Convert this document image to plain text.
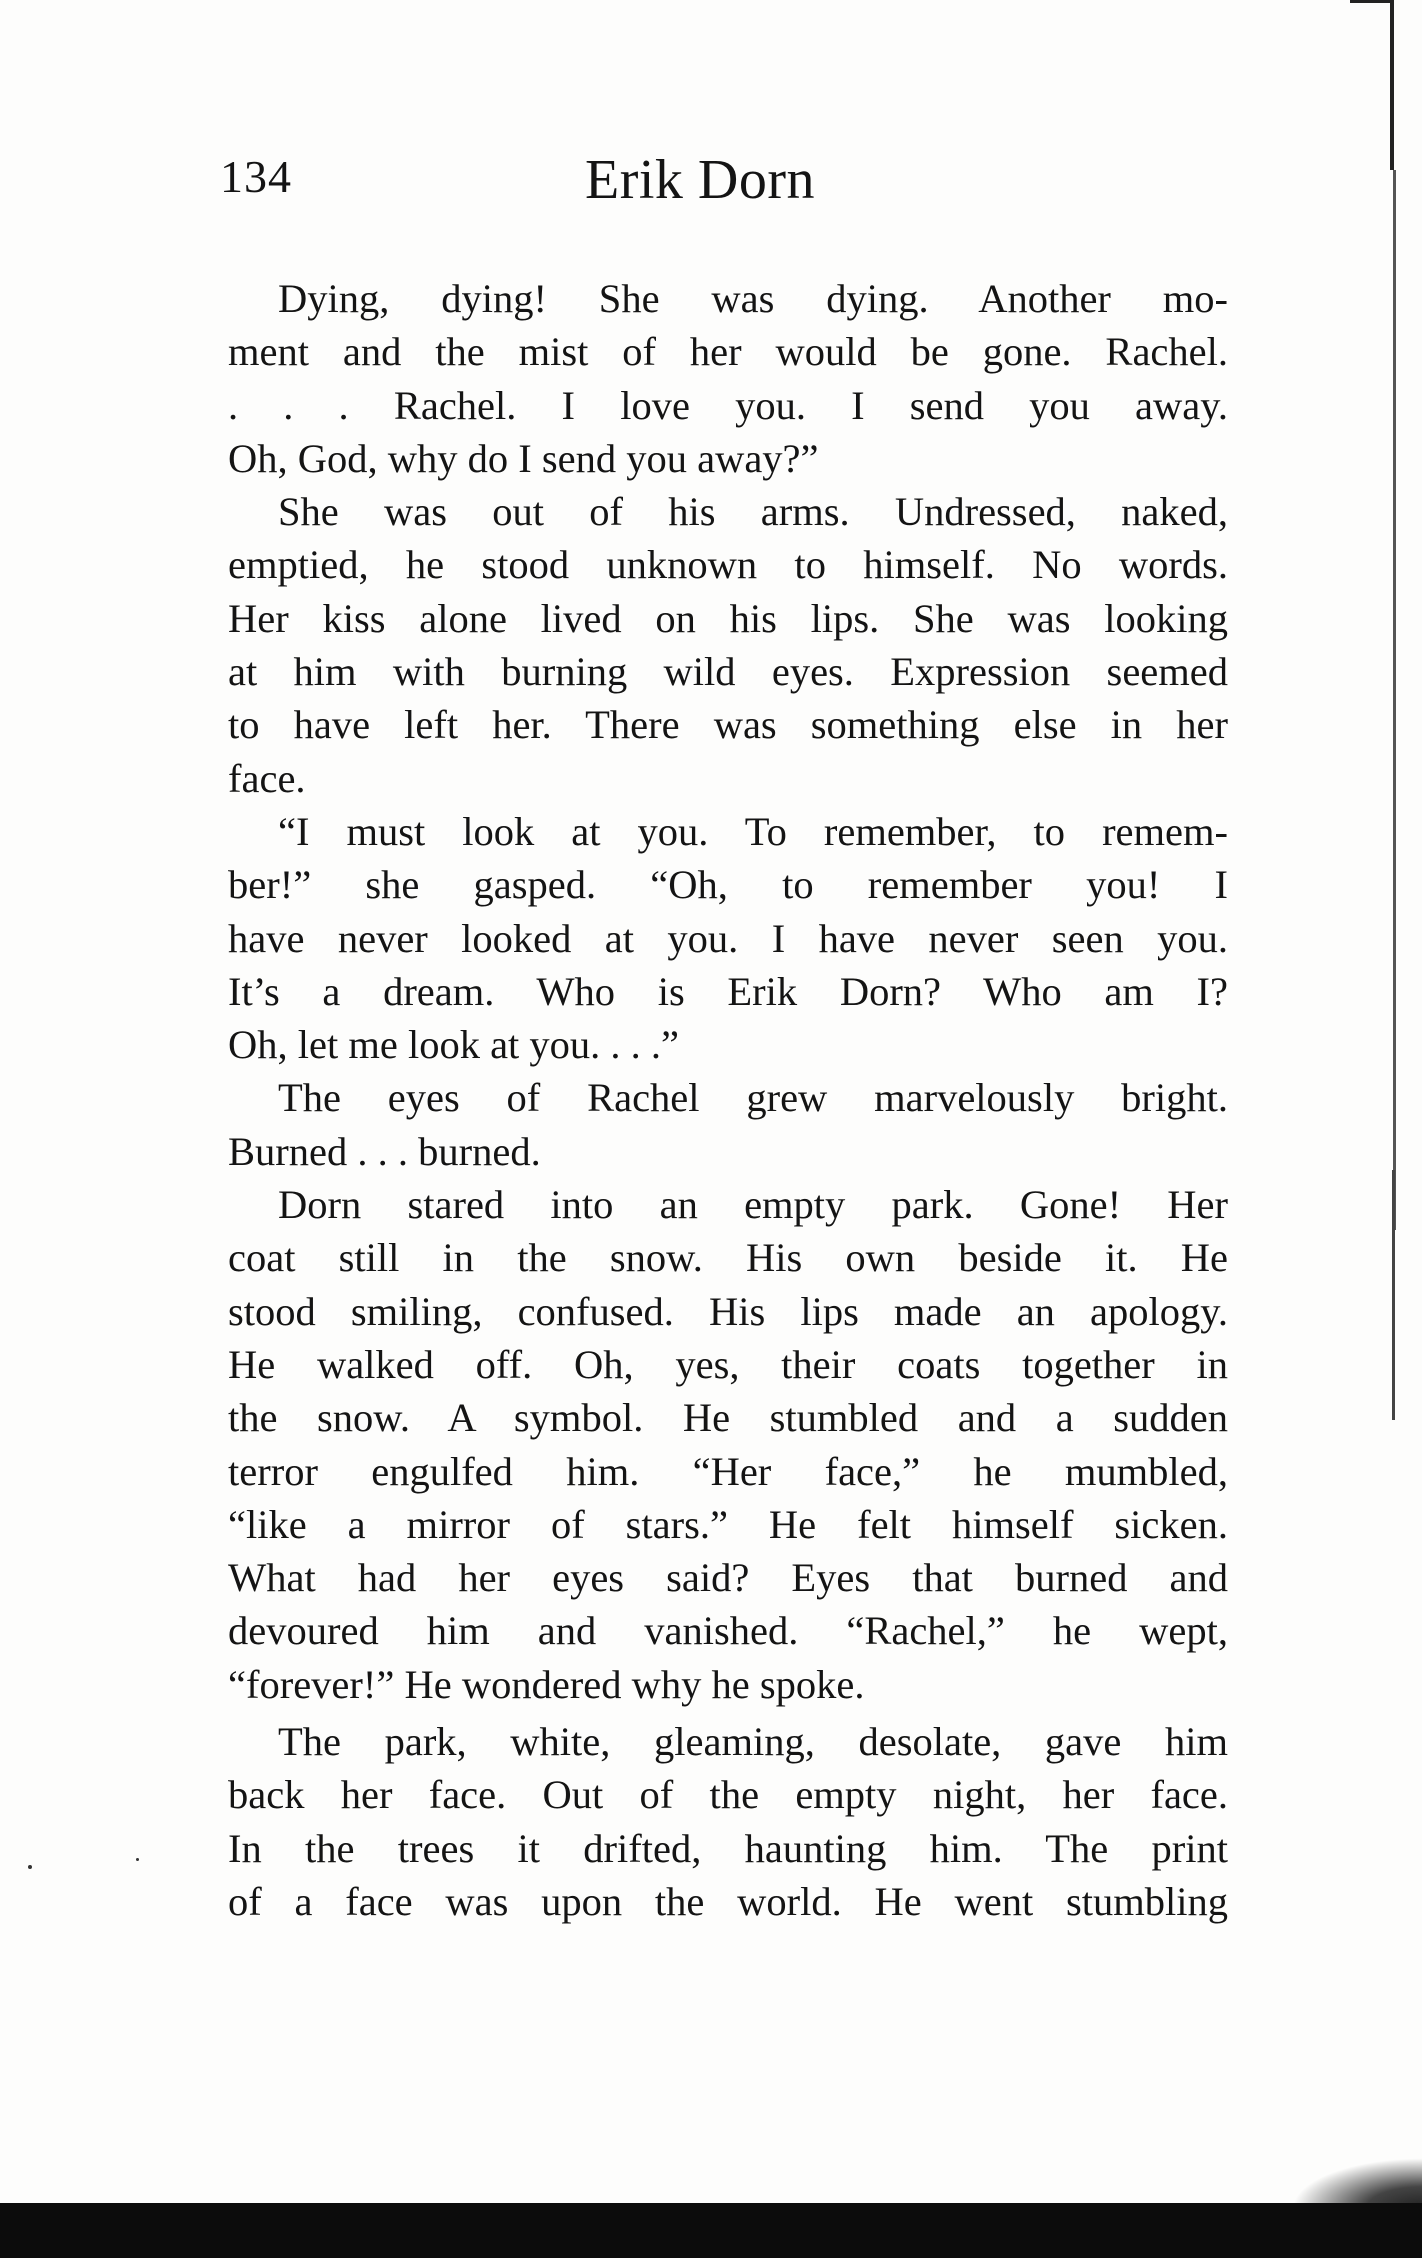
134	Erik Dorn
Dying, dying! She was dying. Another mo-
ment and the mist of her would be gone. Rachel.
. . . Rachel. I love you. I send you away.
Oh, God, why do I send you away?”
She was out of his arms. Undressed, naked,
emptied, he stood unknown to himself. No words.
Her kiss alone lived on his lips. She was looking
at him with burning wild eyes. Expression seemed
to have left her. There was something else in her
face.
“I must look at you. To remember, to remem-
ber!” she gasped. “Oh, to remember you! I
have never looked at you. I have never seen you.
It’s a dream. Who is Erik Dorn? Who am I?
Oh, let me look at you. . . .”
The eyes of Rachel grew marvelously bright.
Burned . . . burned.
Dorn stared into an empty park. Gone! Her
coat still in the snow. His own beside it. He
stood smiling, confused. His lips made an apology.
He walked off. Oh, yes, their coats together in
the snow. A symbol. He stumbled and a sudden
terror engulfed him. “Her face,” he mumbled,
“like a mirror of stars.” He felt himself sicken.
What had her eyes said? Eyes that burned and
devoured him and vanished. “Rachel,” he wept,
“forever!” He wondered why he spoke.
The park, white, gleaming, desolate, gave him
back her face. Out of the empty night, her face.
In the trees it drifted, haunting him. The print
of a face was upon the world. He went stumbling
